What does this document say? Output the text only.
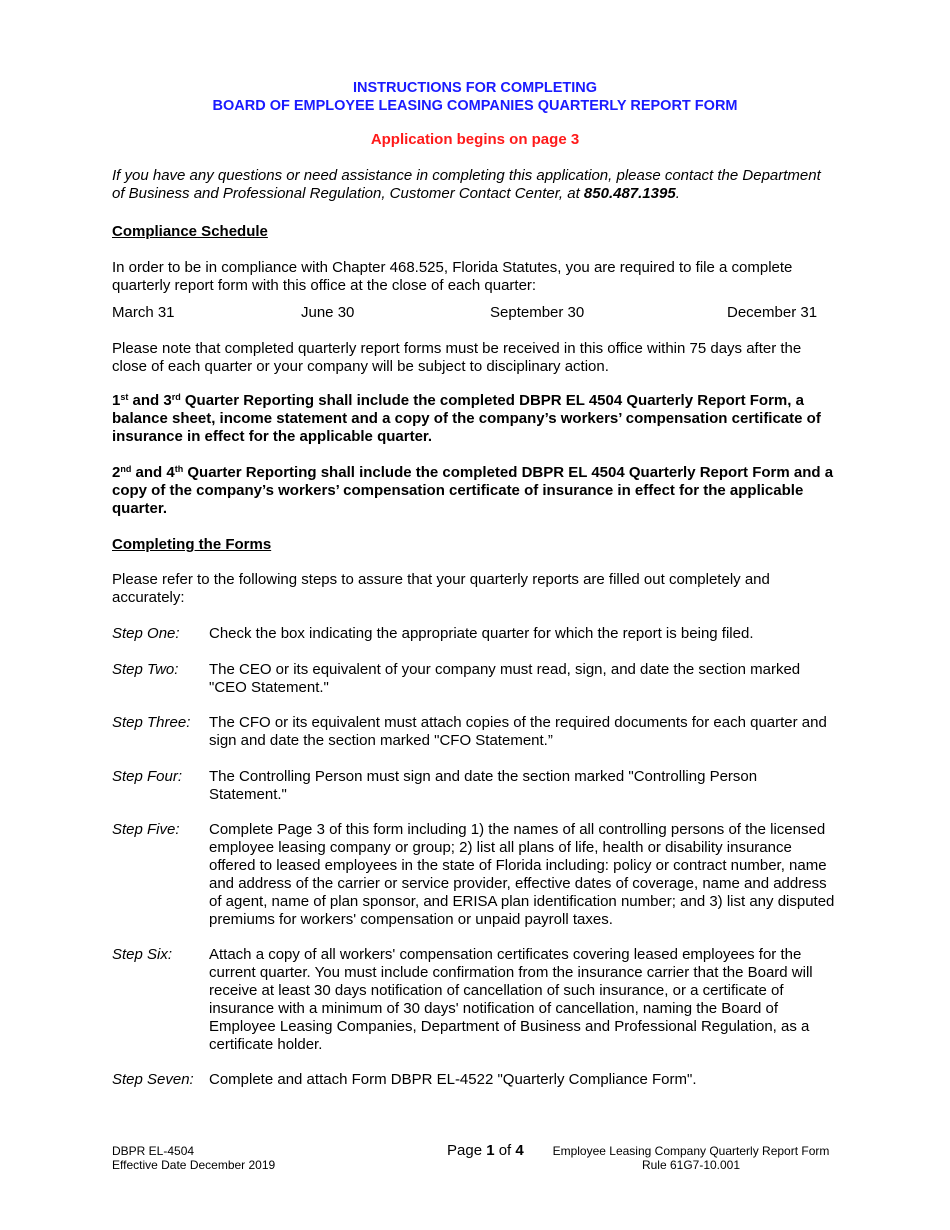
INSTRUCTIONS FOR COMPLETING
BOARD OF EMPLOYEE LEASING COMPANIES QUARTERLY REPORT FORM
Application begins on page 3
If you have any questions or need assistance in completing this application, please contact the Department of Business and Professional Regulation, Customer Contact Center, at 850.487.1395.
Compliance Schedule
In order to be in compliance with Chapter 468.525, Florida Statutes, you are required to file a complete quarterly report form with this office at the close of each quarter:
March 31	June 30	September 30	December 31
Please note that completed quarterly report forms must be received in this office within 75 days after the close of each quarter or your company will be subject to disciplinary action.
1st and 3rd Quarter Reporting shall include the completed DBPR EL 4504 Quarterly Report Form, a balance sheet, income statement and a copy of the company’s workers’ compensation certificate of insurance in effect for the applicable quarter.
2nd and 4th Quarter Reporting shall include the completed DBPR EL 4504 Quarterly Report Form and a copy of the company’s workers’ compensation certificate of insurance in effect for the applicable quarter.
Completing the Forms
Please refer to the following steps to assure that your quarterly reports are filled out completely and accurately:
Step One: Check the box indicating the appropriate quarter for which the report is being filed.
Step Two: The CEO or its equivalent of your company must read, sign, and date the section marked "CEO Statement."
Step Three: The CFO or its equivalent must attach copies of the required documents for each quarter and sign and date the section marked "CFO Statement.”
Step Four: The Controlling Person must sign and date the section marked "Controlling Person Statement."
Step Five: Complete Page 3 of this form including 1) the names of all controlling persons of the licensed employee leasing company or group; 2) list all plans of life, health or disability insurance offered to leased employees in the state of Florida including: policy or contract number, name and address of the carrier or service provider, effective dates of coverage, name and address of agent, name of plan sponsor, and ERISA plan identification number; and 3) list any disputed premiums for workers' compensation or unpaid payroll taxes.
Step Six: Attach a copy of all workers' compensation certificates covering leased employees for the current quarter. You must include confirmation from the insurance carrier that the Board will receive at least 30 days notification of cancellation of such insurance, or a certificate of insurance with a minimum of 30 days' notification of cancellation, naming the Board of Employee Leasing Companies, Department of Business and Professional Regulation, as a certificate holder.
Step Seven: Complete and attach Form DBPR EL-4522 "Quarterly Compliance Form".
DBPR EL-4504
Effective Date December 2019
Page 1 of 4	Employee Leasing Company Quarterly Report Form
Rule 61G7-10.001
